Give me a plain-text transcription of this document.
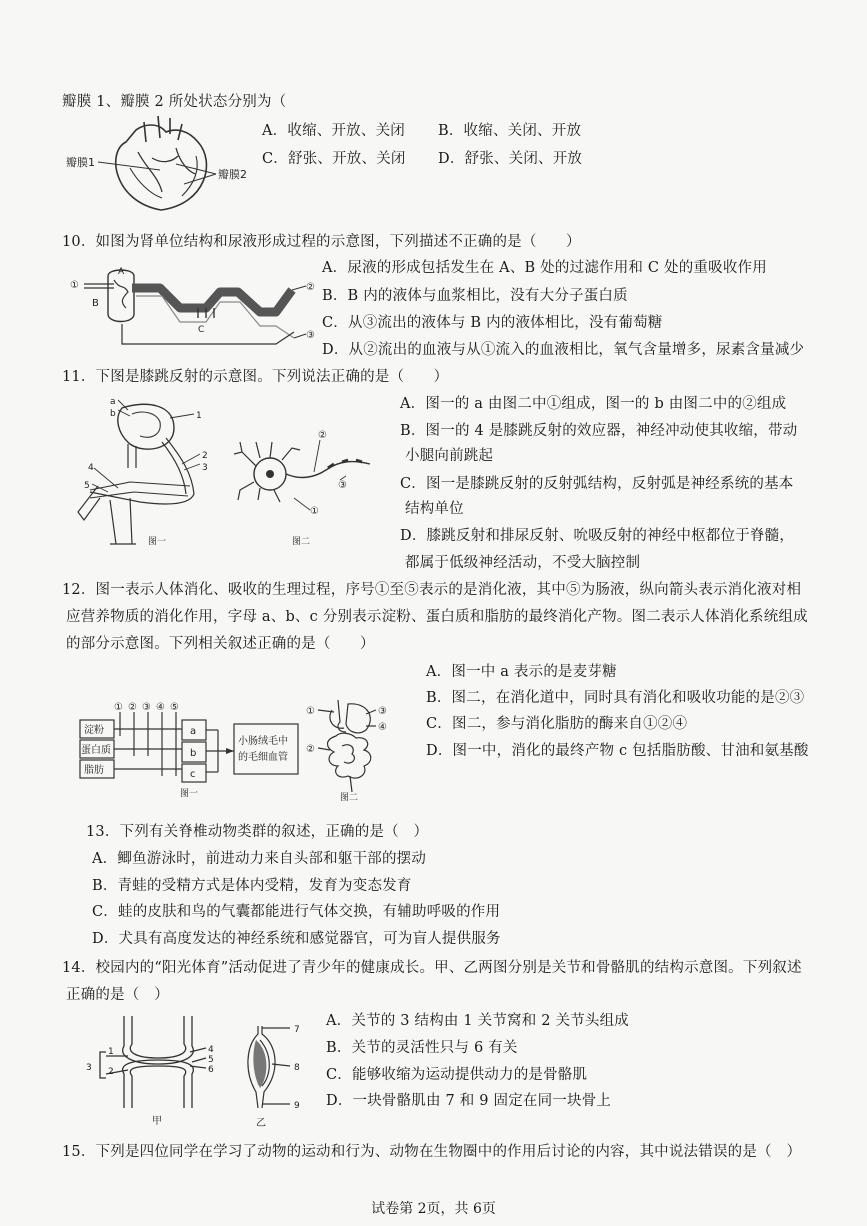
瓣膜 1、瓣膜 2 所处状态分别为（
瓣膜1
瓣膜2
A．收缩、开放、关闭 B．收缩、关闭、开放
C．舒张、开放、关闭 D．舒张、关闭、开放
10．如图为肾单位结构和尿液形成过程的示意图，下列描述不正确的是（　　）
①	②
③
A
B
C
A．尿液的形成包括发生在 A、B 处的过滤作用和 C 处的重吸收作用
B．B 内的液体与血浆相比，没有大分子蛋白质
C．从③流出的液体与 B 内的液体相比，没有葡萄糖
D．从②流出的血液与从①流入的血液相比，氧气含量增多，尿素含量减少
11．下图是膝跳反射的示意图。下列说法正确的是（　　）
a
b	1
2
3
4
5
图一
②
③
①
图二
A．图一的 a 由图二中①组成，图一的 b 由图二中的②组成
B．图一的 4 是膝跳反射的效应器，神经冲动使其收缩，带动
小腿向前跳起
C．图一是膝跳反射的反射弧结构，反射弧是神经系统的基本
结构单位
D．膝跳反射和排尿反射、吮吸反射的神经中枢都位于脊髓，
都属于低级神经活动，不受大脑控制
12．图一表示人体消化、吸收的生理过程，序号①至⑤表示的是消化液，其中⑤为肠液，纵向箭头表示消化液对相
应营养物质的消化作用，字母 a、b、c 分别表示淀粉、蛋白质和脂肪的最终消化产物。图二表示人体消化系统组成
的部分示意图。下列相关叙述正确的是（　　）
淀粉
蛋白质
脂肪
① ② ③ ④ ⑤
a
b
c
小肠绒毛中
的毛细血管
图一
①	③
④
②
图二
A．图一中 a 表示的是麦芽糖
B．图二，在消化道中，同时具有消化和吸收功能的是②③
C．图二，参与消化脂肪的酶来自①②④
D．图一中，消化的最终产物 c 包括脂肪酸、甘油和氨基酸
13．下列有关脊椎动物类群的叙述，正确的是（　）
A．鲫鱼游泳时，前进动力来自头部和躯干部的摆动
B．青蛙的受精方式是体内受精，发育为变态发育
C．蛙的皮肤和鸟的气囊都能进行气体交换，有辅助呼吸的作用
D．犬具有高度发达的神经系统和感觉器官，可为盲人提供服务
14．校园内的“阳光体育”活动促进了青少年的健康成长。甲、乙两图分别是关节和骨骼肌的结构示意图。下列叙述
正确的是（　）
3
1
2
4
5
6
甲
7
8
9
乙
A．关节的 3 结构由 1 关节窝和 2 关节头组成
B．关节的灵活性只与 6 有关
C．能够收缩为运动提供动力的是骨骼肌
D．一块骨骼肌由 7 和 9 固定在同一块骨上
15．下列是四位同学在学习了动物的运动和行为、动物在生物圈中的作用后讨论的内容，其中说法错误的是（　）
试卷第 2页，共 6页
